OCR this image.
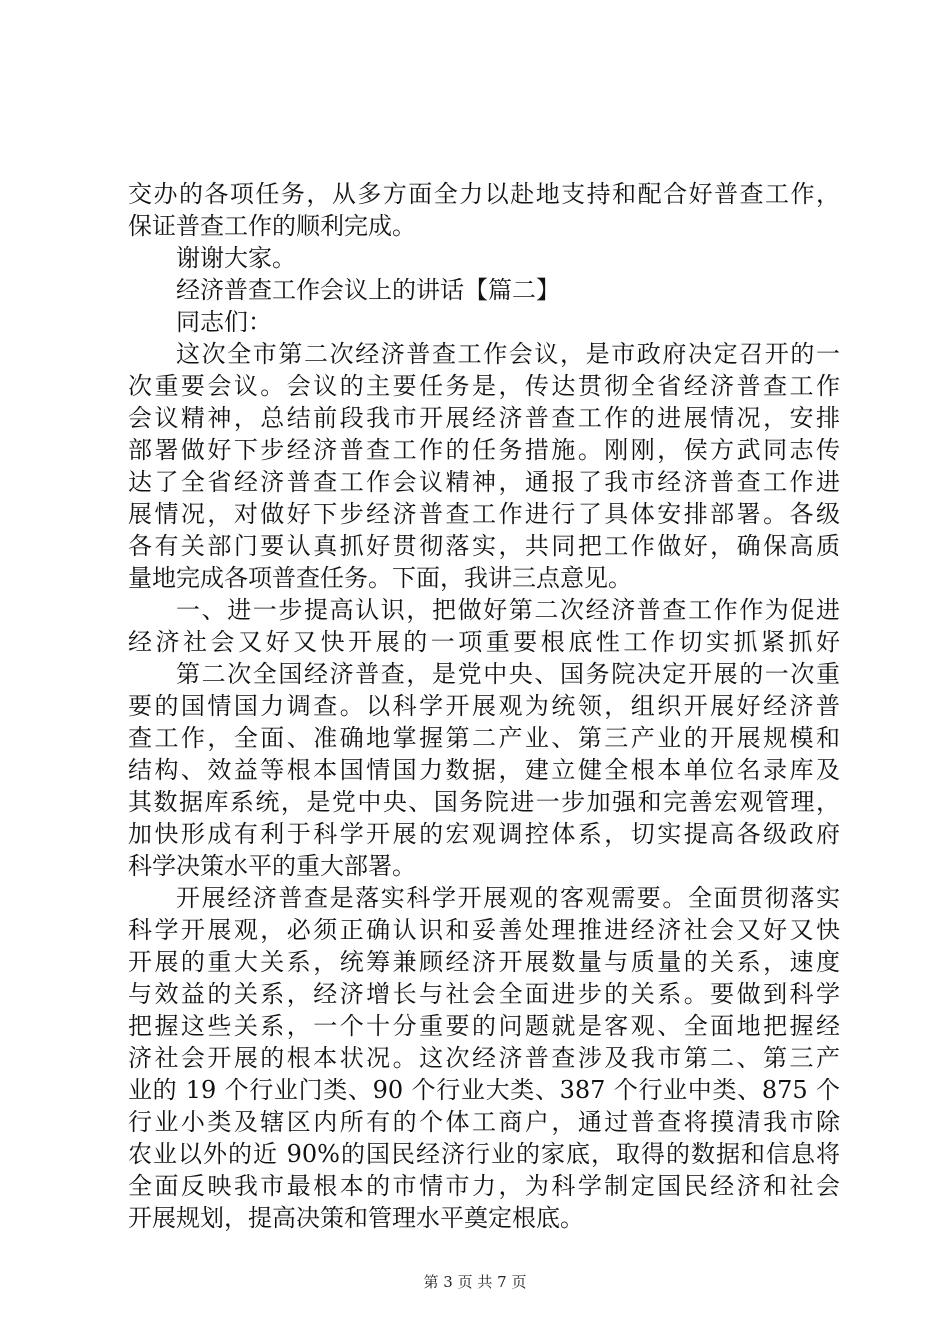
交办的各项任务，从多方面全力以赴地支持和配合好普查工作，
保证普查工作的顺利完成。
谢谢大家。
经济普查工作会议上的讲话【篇二】
同志们：
这次全市第二次经济普查工作会议，是市政府决定召开的一
次重要会议。会议的主要任务是，传达贯彻全省经济普查工作
会议精神，总结前段我市开展经济普查工作的进展情况，安排
部署做好下步经济普查工作的任务措施。刚刚，侯方武同志传
达了全省经济普查工作会议精神，通报了我市经济普查工作进
展情况，对做好下步经济普查工作进行了具体安排部署。各级
各有关部门要认真抓好贯彻落实，共同把工作做好，确保高质
量地完成各项普查任务。下面，我讲三点意见。
一、进一步提高认识，把做好第二次经济普查工作作为促进
经济社会又好又快开展的一项重要根底性工作切实抓紧抓好
第二次全国经济普查，是党中央、国务院决定开展的一次重
要的国情国力调查。以科学开展观为统领，组织开展好经济普
查工作，全面、准确地掌握第二产业、第三产业的开展规模和
结构、效益等根本国情国力数据，建立健全根本单位名录库及
其数据库系统，是党中央、国务院进一步加强和完善宏观管理，
加快形成有利于科学开展的宏观调控体系，切实提高各级政府
科学决策水平的重大部署。
开展经济普查是落实科学开展观的客观需要。全面贯彻落实
科学开展观，必须正确认识和妥善处理推进经济社会又好又快
开展的重大关系，统筹兼顾经济开展数量与质量的关系，速度
与效益的关系，经济增长与社会全面进步的关系。要做到科学
把握这些关系，一个十分重要的问题就是客观、全面地把握经
济社会开展的根本状况。这次经济普查涉及我市第二、第三产
业的 19 个行业门类、90 个行业大类、387 个行业中类、875 个
行业小类及辖区内所有的个体工商户，通过普查将摸清我市除
农业以外的近 90%的国民经济行业的家底，取得的数据和信息将
全面反映我市最根本的市情市力，为科学制定国民经济和社会
开展规划，提高决策和管理水平奠定根底。
第 3 页 共 7 页
